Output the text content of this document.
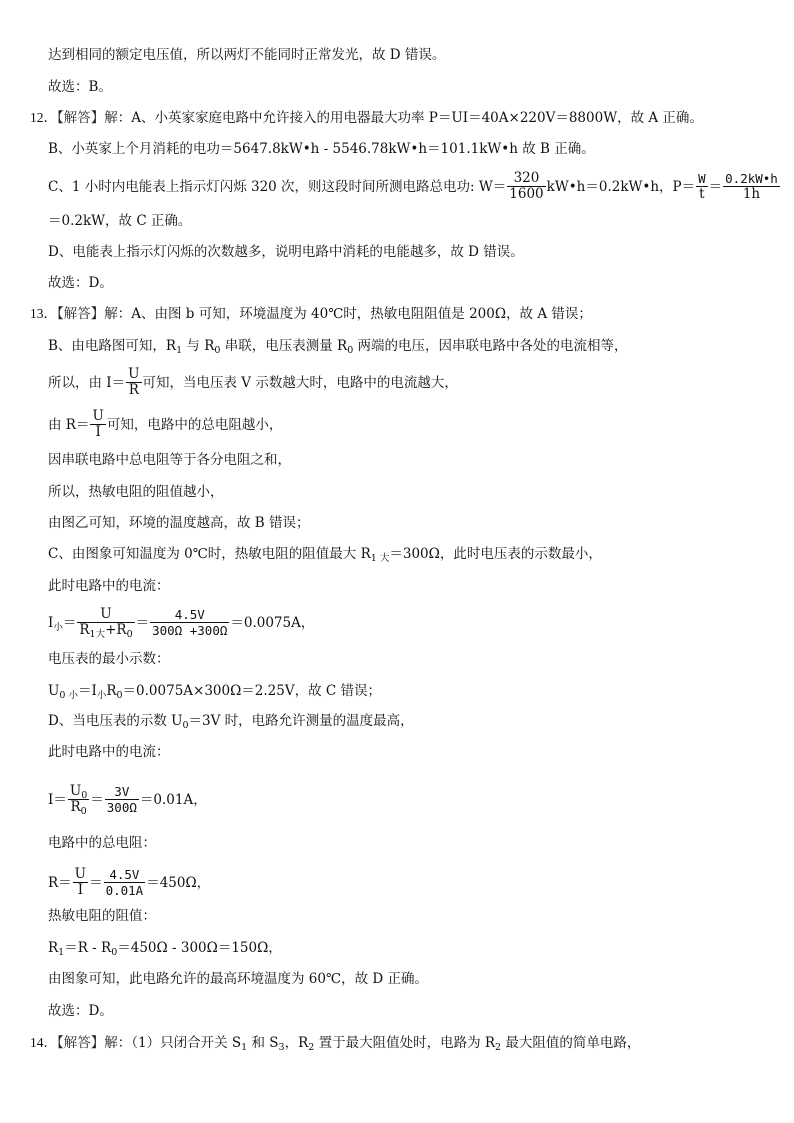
达到相同的额定电压值，所以两灯不能同时正常发光，故 D 错误。
故选：B。
12．【解答】解：A、小英家家庭电路中允许接入的用电器最大功率 P＝UI＝40A×220V＝8800W，故 A 正确。
B、小英家上个月消耗的电功＝5647.8kW•h - 5546.78kW•h＝101.1kW•h 故 B 正确。
C、1 小时内电能表上指示灯闪烁 320 次，则这段时间所测电路总电功: $W= \frac{320}{1600}$ kW•h＝0.2kW•h，$P= \frac{W}{t} = \frac{0.2kW•h}{1h}$
＝0.2kW，故 C 正确。
D、电能表上指示灯闪烁的次数越多，说明电路中消耗的电能越多，故 D 错误。
故选：D。
13．【解答】解：A、由图 b 可知，环境温度为 40℃时，热敏电阻阻值是 200Ω，故 A 错误；
B、由电路图可知，$R_1$ 与 $R_0$ 串联，电压表测量 $R_0$ 两端的电压，因串联电路中各处的电流相等，
所以，由 $I= \frac{U}{R}$ 可知，当电压表 V 示数越大时，电路中的电流越大，
由 $R= \frac{U}{I}$ 可知，电路中的总电阻越小，
因串联电路中总电阻等于各分电阻之和，
所以，热敏电阻的阻值越小，
由图乙可知，环境的温度越高，故 B 错误；
C、由图象可知温度为 0℃时，热敏电阻的阻值最大 $R_{1 大}=300\Omega$，此时电压表的示数最小，
此时电路中的电流：
$I_小= \frac{U}{R_{1大}+R_0} = \frac{4.5V}{300\Omega +300\Omega} =0.0075A$，
电压表的最小示数：
$U_{0 小}=I_小R_0=0.0075A\times 300\Omega=2.25V$，故 C 错误；
D、当电压表的示数 $U_0=3V$ 时，电路允许测量的温度最高，
此时电路中的电流：
$I= \frac{U_0}{R_0} = \frac{3V}{300\Omega} =0.01A$，
电路中的总电阻：
$R= \frac{U}{I} = \frac{4.5V}{0.01A} =450\Omega$，
热敏电阻的阻值：
$R_1=R - R_0=450\Omega - 300\Omega=150\Omega$，
由图象可知，此电路允许的最高环境温度为 60℃，故 D 正确。
故选：D。
14．【解答】解：（1）只闭合开关 $S_1$ 和 $S_3$，$R_2$ 置于最大阻值处时，电路为 $R_2$ 最大阻值的简单电路，
